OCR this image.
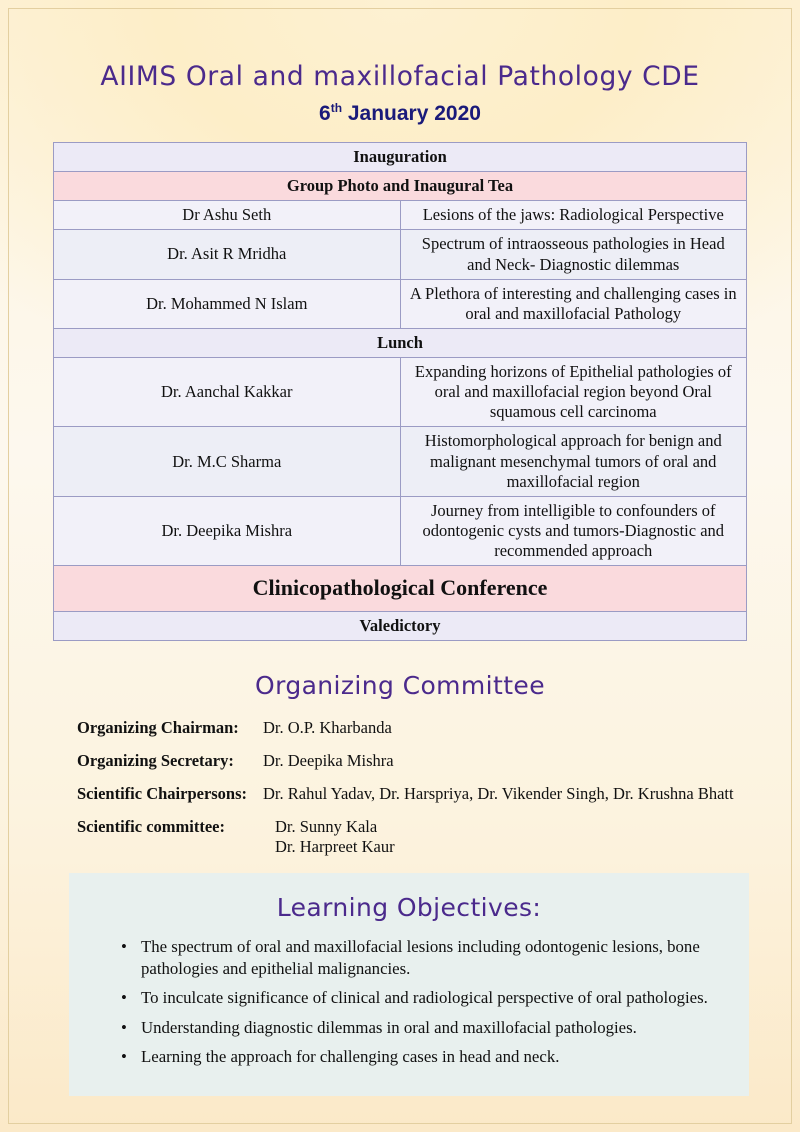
AIIMS Oral and maxillofacial Pathology CDE
6th January 2020
Inauguration	
Group Photo and Inaugural Tea	
Dr Ashu Seth	Lesions of the jaws: Radiological Perspective
Dr. Asit R Mridha	Spectrum of intraosseous pathologies in Head and Neck- Diagnostic dilemmas
Dr. Mohammed N Islam	A Plethora of interesting and challenging cases in oral and maxillofacial Pathology
Lunch	
Dr. Aanchal Kakkar	Expanding horizons of Epithelial pathologies of oral and maxillofacial region beyond Oral squamous cell carcinoma
Dr. M.C Sharma	Histomorphological approach for benign and malignant mesenchymal tumors of oral and maxillofacial region
Dr. Deepika Mishra	Journey from intelligible to confounders of odontogenic cysts and tumors-Diagnostic and recommended approach
Clinicopathological Conference	
Valedictory	
Organizing Committee
Organizing Chairman:	Dr. O.P. Kharbanda
Organizing Secretary:	Dr. Deepika Mishra
Scientific Chairpersons: Dr. Rahul Yadav, Dr. Harspriya, Dr. Vikender Singh, Dr. Krushna Bhatt
Scientific committee:	Dr. Sunny Kala
Dr. Harpreet Kaur
Learning Objectives:
• The spectrum of oral and maxillofacial lesions including odontogenic lesions, bone pathologies and epithelial malignancies.
• To inculcate significance of clinical and radiological perspective of oral pathologies.
• Understanding diagnostic dilemmas in oral and maxillofacial pathologies.
• Learning the approach for challenging cases in head and neck.
